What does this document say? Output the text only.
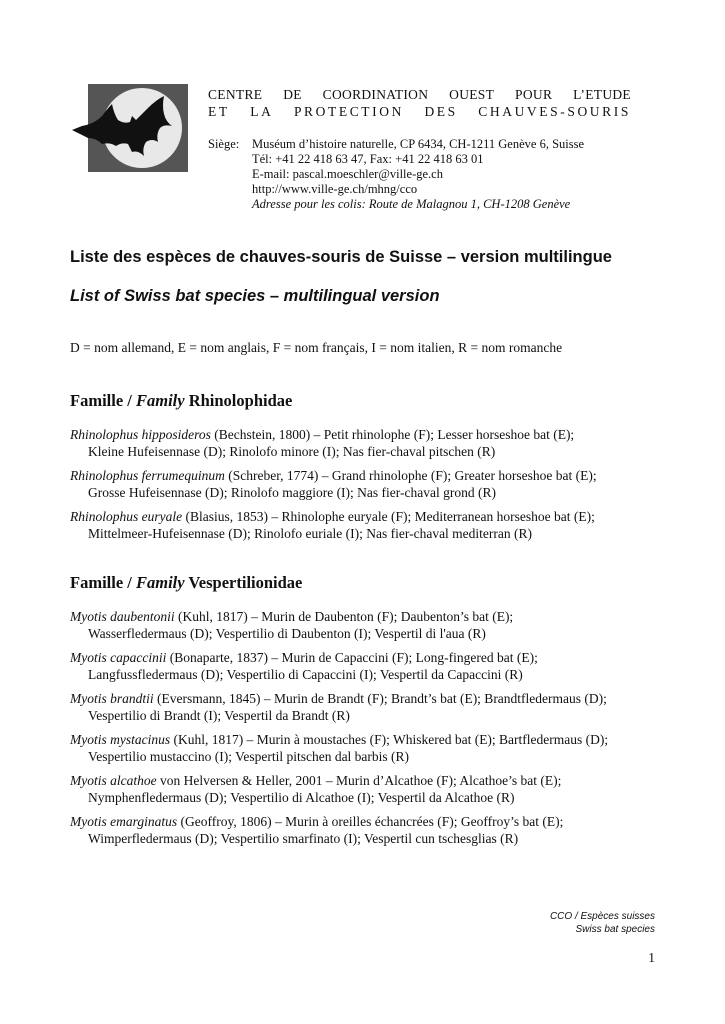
CENTRE DE COORDINATION OUEST POUR L’ETUDE
ET LA PROTECTION DES CHAUVES-SOURIS
Siège:	Muséum d’histoire naturelle, CP 6434, CH-1211 Genève 6, Suisse
Tél: +41 22 418 63 47, Fax: +41 22 418 63 01
E-mail: pascal.moeschler@ville-ge.ch
http://www.ville-ge.ch/mhng/cco
Adresse pour les colis: Route de Malagnou 1, CH-1208 Genève
Liste des espèces de chauves-souris de Suisse – version multilingue
List of Swiss bat species – multilingual version
D = nom allemand, E = nom anglais, F = nom français, I = nom italien, R = nom romanche
Famille / Family Rhinolophidae
Rhinolophus hipposideros (Bechstein, 1800) – Petit rhinolophe (F); Lesser horseshoe bat (E);
Kleine Hufeisennase (D); Rinolofo minore (I); Nas fier-chaval pitschen (R)
Rhinolophus ferrumequinum (Schreber, 1774) – Grand rhinolophe (F); Greater horseshoe bat (E);
Grosse Hufeisennase (D); Rinolofo maggiore (I); Nas fier-chaval grond (R)
Rhinolophus euryale (Blasius, 1853) – Rhinolophe euryale (F); Mediterranean horseshoe bat (E);
Mittelmeer-Hufeisennase (D); Rinolofo euriale (I); Nas fier-chaval mediterran (R)
Famille / Family Vespertilionidae
Myotis daubentonii (Kuhl, 1817) – Murin de Daubenton (F); Daubenton’s bat (E);
Wasserfledermaus (D); Vespertilio di Daubenton (I); Vespertil di l'aua (R)
Myotis capaccinii (Bonaparte, 1837) – Murin de Capaccini (F); Long-fingered bat (E);
Langfussfledermaus (D); Vespertilio di Capaccini (I); Vespertil da Capaccini (R)
Myotis brandtii (Eversmann, 1845) – Murin de Brandt (F); Brandt’s bat (E); Brandtfledermaus (D);
Vespertilio di Brandt (I); Vespertil da Brandt (R)
Myotis mystacinus (Kuhl, 1817) – Murin à moustaches (F); Whiskered bat (E); Bartfledermaus (D);
Vespertilio mustaccino (I); Vespertil pitschen dal barbis (R)
Myotis alcathoe von Helversen & Heller, 2001 – Murin d’Alcathoe (F); Alcathoe’s bat (E);
Nymphenfledermaus (D); Vespertilio di Alcathoe (I); Vespertil da Alcathoe (R)
Myotis emarginatus (Geoffroy, 1806) – Murin à oreilles échancrées (F); Geoffroy’s bat (E);
Wimperfledermaus (D); Vespertilio smarfinato (I); Vespertil cun tschesglias (R)
CCO / Espèces suisses
Swiss bat species
1
